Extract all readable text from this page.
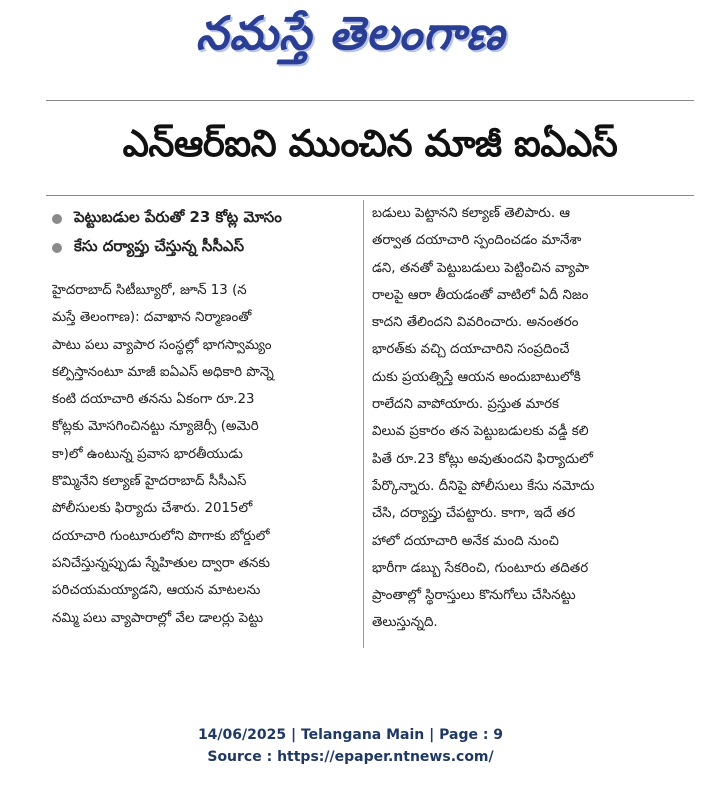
నమస్తే తెలంగాణ
ఎన్‌ఆర్‌ఐని ముంచిన మాజీ ఐఏఎస్
పెట్టుబడుల పేరుతో 23 కోట్ల మోసం
కేసు దర్యాప్తు చేస్తున్న సీసీఎస్
హైదరాబాద్ సిటీబ్యూరో, జూన్ 13 (న
మస్తే తెలంగాణ): దవాఖాన నిర్మాణంతో
పాటు పలు వ్యాపార సంస్థల్లో భాగస్వామ్యం
కల్పిస్తానంటూ మాజీ ఐఏఎస్ అధికారి పొన్నె
కంటి దయాచారి తనను ఏకంగా రూ.23
కోట్లకు మోసగించినట్టు న్యూజెర్సీ (అమెరి
కా)లో ఉంటున్న ప్రవాస భారతీయుడు
కొమ్మినేని కల్యాణ్ హైదరాబాద్ సీసీఎస్
పోలీసులకు ఫిర్యాదు చేశారు. 2015లో
దయాచారి గుంటూరులోని పొగాకు బోర్డులో
పనిచేస్తున్నప్పుడు స్నేహితుల ద్వారా తనకు
పరిచయమయ్యాడని, ఆయన మాటలను
నమ్మి పలు వ్యాపారాల్లో వేల డాలర్లు పెట్టు
బడులు పెట్టానని కల్యాణ్ తెలిపారు. ఆ
తర్వాత దయాచారి స్పందించడం మానేశా
డని, తనతో పెట్టుబడులు పెట్టించిన వ్యాపా
రాలపై ఆరా తీయడంతో వాటిలో ఏదీ నిజం
కాదని తేలిందని వివరించారు. అనంతరం
భారత్‌కు వచ్చి దయాచారిని సంప్రదించే
దుకు ప్రయత్నిస్తే ఆయన అందుబాటులోకి
రాలేదని వాపోయారు. ప్రస్తుత మారక
విలువ ప్రకారం తన పెట్టుబడులకు వడ్డీ కలి
పితే రూ.23 కోట్లు అవుతుందని ఫిర్యాదులో
పేర్కొన్నారు. దీనిపై పోలీసులు కేసు నమోదు
చేసి, దర్యాప్తు చేపట్టారు. కాగా, ఇదే తర
హాలో దయాచారి అనేక మంది నుంచి
భారీగా డబ్బు సేకరించి, గుంటూరు తదితర
ప్రాంతాల్లో స్థిరాస్తులు కొనుగోలు చేసినట్టు
తెలుస్తున్నది.
14/06/2025 | Telangana Main | Page : 9
Source : https://epaper.ntnews.com/
